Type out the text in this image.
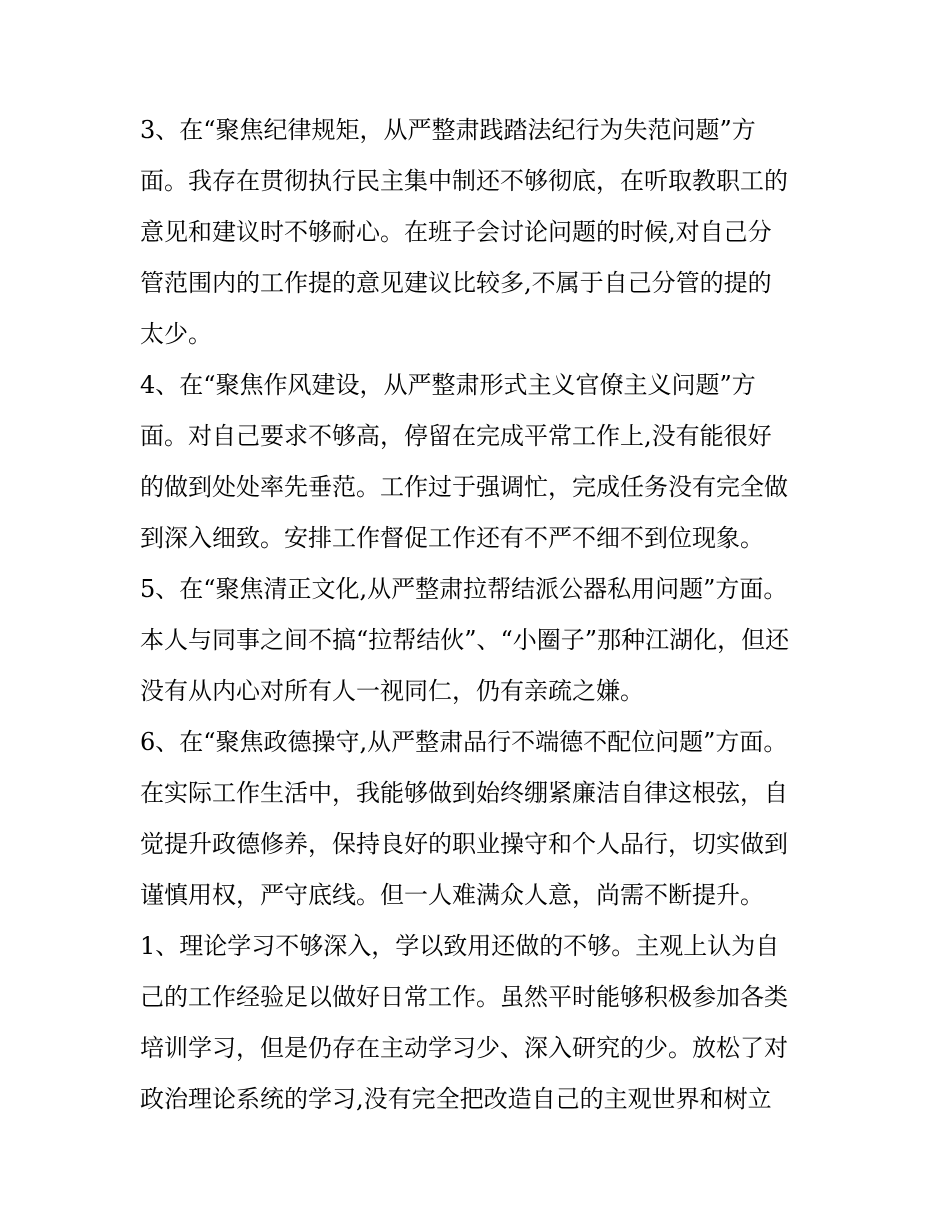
3、在“聚焦纪律规矩，从严整肃践踏法纪行为失范问题”方
面。我存在贯彻执行民主集中制还不够彻底，在听取教职工的
意见和建议时不够耐心。在班子会讨论问题的时候,对自己分
管范围内的工作提的意见建议比较多,不属于自己分管的提的
太少。
4、在“聚焦作风建设，从严整肃形式主义官僚主义问题”方
面。对自己要求不够高，停留在完成平常工作上,没有能很好
的做到处处率先垂范。工作过于强调忙，完成任务没有完全做
到深入细致。安排工作督促工作还有不严不细不到位现象。
5、在“聚焦清正文化,从严整肃拉帮结派公器私用问题”方面。
本人与同事之间不搞“拉帮结伙”、“小圈子”那种江湖化，但还
没有从内心对所有人一视同仁，仍有亲疏之嫌。
6、在“聚焦政德操守,从严整肃品行不端德不配位问题”方面。
在实际工作生活中，我能够做到始终绷紧廉洁自律这根弦，自
觉提升政德修养，保持良好的职业操守和个人品行，切实做到
谨慎用权，严守底线。但一人难满众人意，尚需不断提升。
1、理论学习不够深入，学以致用还做的不够。主观上认为自
己的工作经验足以做好日常工作。虽然平时能够积极参加各类
培训学习，但是仍存在主动学习少、深入研究的少。放松了对
政治理论系统的学习,没有完全把改造自己的主观世界和树立
